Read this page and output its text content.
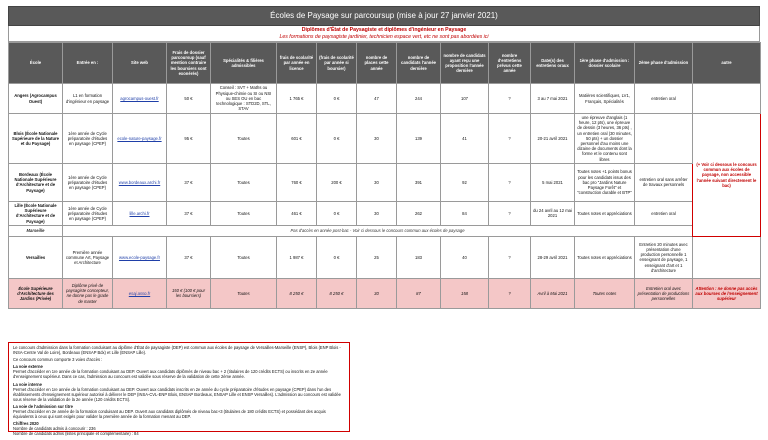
Écoles de Paysage sur parcoursup (mise à jour 27 janvier 2021)
Diplômes d'État de Paysagiste et diplômes d'ingénieur en Paysage
Les formations de paysagiste jardinier, technicien espace vert, etc ne sont pas abordées ici
École	Entrée en :	Site web	Frais de dossier parcoursup (sauf mention contraire les boursiers sont exonérés)	Spécialités & filières admissibles	frais de scolarité par année en licence	(frais de scolarité par année si boursier)	nombre de places cette année	nombre de candidats l'année dernière	nombre de candidats ayant reçu une proposition l'année dernière	nombre d'entretiens prévus cette année	Date(s) des entretiens oraux	1ère phase d'admission : dossier scolaire	2ème phase d'admission	autre
Angers (Agrocampus Ouest)	L1 en formation d'ingénieur en paysage	agrocampus-ouest.fr	50 €	Conseil : SVT + Maths ou Physique-chimie ou SI ou NSI ou SES OU en bac technologique : STD2D, STL, STAV	1 765 €	0 €	47	244	107	?	3 au 7 mai 2021	Matières scientifiques, LV1, Français, Spécialités	entretien oral	
Blois (École Nationale Supérieure de la Nature et du Paysage)	1ère année de Cycle préparatoire d'études en paysage (CPEP)	ecole-nature-paysage.fr	95 €	Toutes	601 €	0 €	30	139	41	?	20-21 avril 2021	une épreuve d'anglais (1 heure, 12 pts), une épreuve de dessin (3 heures, 36 pts) , un entretien oral (30 minutes, 50 pts) + un dossier personnel d'au moins une dizaine de documents dont la forme et le contenu sont libres		(+ Voir ci dessous le concours commun aux écoles de paysage, non accessible l'année suivant directement le bac)
Bordeaux (École Nationale Supérieure d'Architecture et de Paysage)	1ère année de Cycle préparatoire d'études en paysage (CPEP)	www.bordeaux.archi.fr	37 €	Toutes	760 €	200 €	30	391	92	?	5 mai 2021	Toutes notes +1 points bonus pour les candidats issus des bac pro "Jardins Nature Paysage Forêt" et "construction durable et BTP"	entretien oral sans arrêter de travaux personnels	
Lille (École Nationale Supérieure d'Architecture et de Paysage)	1ère année de Cycle préparatoire d'études en paysage (CPEP)	lille.archi.fr	37 €	Toutes	461 €	0 €	30	262	84	?	du 24 avril au 12 mai 2021	Toutes notes et appréciations	entretien oral	
Marseille	Pas d'accès en année post-bac - Voir ci dessous le concours commun aux écoles de paysage													
Versailles	Première année commune Art, Paysage et Architecture	www.ecole-paysage.fr	37 €	Toutes	1 987 €	0 €	25	183	40	?	28-29 avril 2021	Toutes notes et appréciations	Entretien 20 minutes avec présentation d'une production personnelle 1 enseignant de paysage, 1 enseignant d'art et 1 d'architecture	
École Supérieure d'Architecture des Jardins (Privée)	Diplôme privé de paysagiste concepteur, ne donne pas le grade de master	esaj.asso.fr	150 € (100 € pour les boursiers)	Toutes	8 250 €	8 250 €	30	87	158	?	Avril à Mai 2021	Toutes notes	Entretien oral avec présentation de productions personnelles	Attention : ne donne pas accès aux bourses de l'enseignement supérieur

Le concours d'admission dans la formation conduisant au diplôme d'État de paysagiste (DEP) est commun aux écoles de paysage de Versailles-Marseille (ENSP), Blois (ENP Blois -INSA-Centre Val de Loire), Bordeaux (ENSAP Bdx) et Lille (ENSAP Lille).

Ce concours commun comporte 3 voies d'accès :

La voie externe
Permet d'accéder en 1re année de la formation conduisant au DEP. Ouvert aux candidats diplômés de niveau bac + 2 (titulaires de 120 crédits ECTS) ou inscrits en 2e année d'enseignement supérieur. Dans ce cas, l'admission au concours est validée sous réserve de la validation de cette 2ème année.

La voie interne
Permet d'accéder en 1re année de la formation conduisant au DEP. Ouvert aux candidats inscrits en 2e année du cycle préparatoire d'études en paysage (CPEP) dans l'un des établissements d'enseignement supérieur autorisé à délivrer le DEP (INSA-CVL-ENP Blois, ENSAP Bordeaux, ENSAP Lille et ENSP Versailles). L'admission au concours est validée sous réserve de la validation de la 2e année (120 crédits ECTS).

La voie de l'admission sur titre
Permet d'accéder en 2e année de la formation conduisant au DEP. Ouvert aux candidats diplômés de niveau bac+3 (titulaires de 180 crédits ECTS) et possédant des acquis équivalents à ceux qui sont exigés pour valider la première année de la formation menant au DEP.

Chiffres 2020
Nombre de candidats admis à concourir : 236
Nombre de candidats admis (listes principale et complémentaire) : 84
